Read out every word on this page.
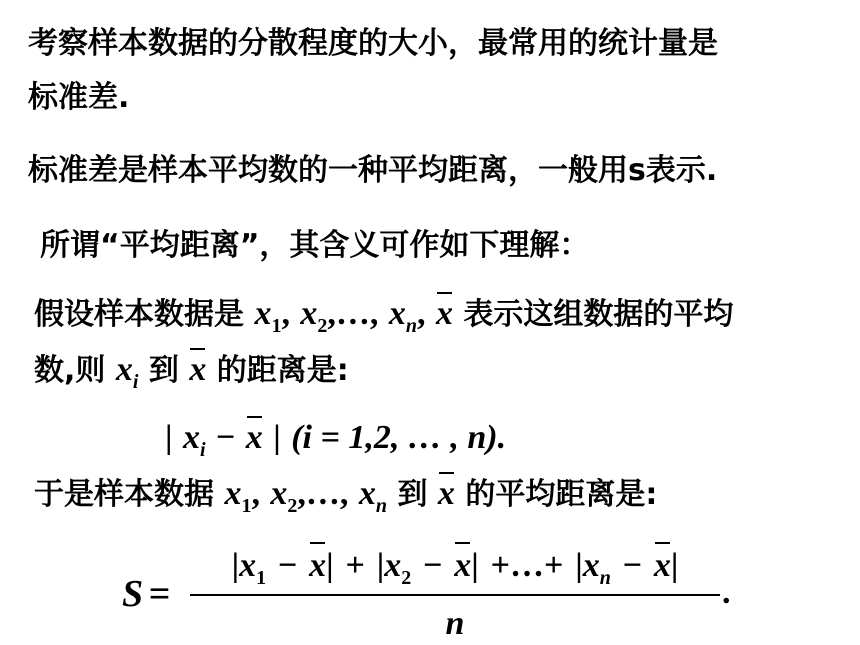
考察样本数据的分散程度的大小，最常用的统计量是
标准差.
标准差是样本平均数的一种平均距离，一般用s表示.
所谓“平均距离”，其含义可作如下理解：
假设样本数据是 $x_1$, $x_2,\dots$, $x_n$, x 表示这组数据的平均
数,则 $x_i$ 到 x 的距离是:
| $x_i - x$ | (i = 1,2, … , n).
于是样本数据 $x_1$, $x_2,\dots$, $x_n$ 到 x 的平均距离是:
S =
$|x_1 - x| + |x_2 - x|$ +…+ $|x_n - x|$
n
.
